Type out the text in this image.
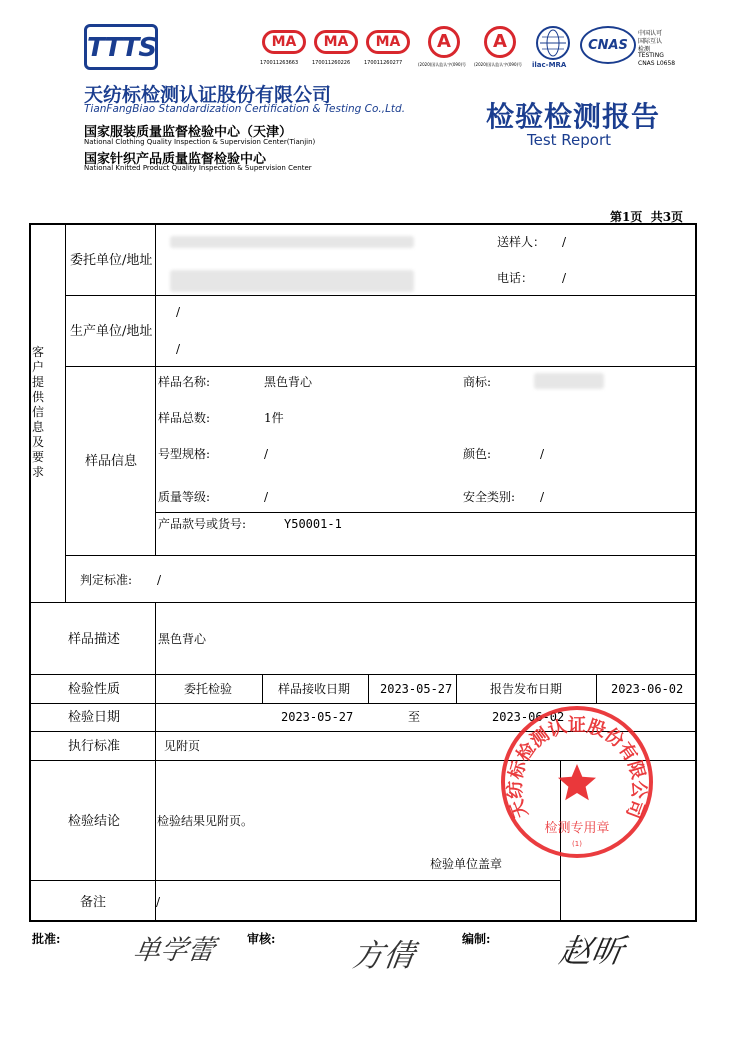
TTTS
天纺标检测认证股份有限公司
TianFangBiao Standardization Certification & Testing Co.,Ltd.
国家服装质量监督检验中心（天津）
National Clothing Quality Inspection & Supervision Center(Tianjin)
国家针织产品质量监督检验中心
National Knitted Product Quality Inspection & Supervision Center
MA
170011263663
MA
170011260226
MA
170011260277
A
(2020)国认监认字(090)号
A
(2020)国认监认字(090)号 ilac-MRA
CNAS
中国认可
国际互认
检测
TESTING
CNAS L0658
检验检测报告
Test Report
第1页  共3页
客户提供信息及要求
委托单位/地址
送样人： /
电话： /
生产单位/地址
/
/
样品信息
样品名称:	黑色背心	商标:
样品总数:	1件
号型规格:	/	颜色:	/
质量等级:	/	安全类别: /
产品款号或货号:	Y50001-1
判定标准: /
样品描述	黑色背心
检验性质	委托检验	样品接收日期 2023-05-27	报告发布日期	2023-06-02
检验日期	2023-05-27	至	2023-06-02
执行标准	见附页
检验结论	检验结果见附页。
检验单位盖章
备注	/
天纺标检测认证股份有限公司
检测专用章
(1)
批准:	单学蕾	审核: 方倩	编制: 赵昕
